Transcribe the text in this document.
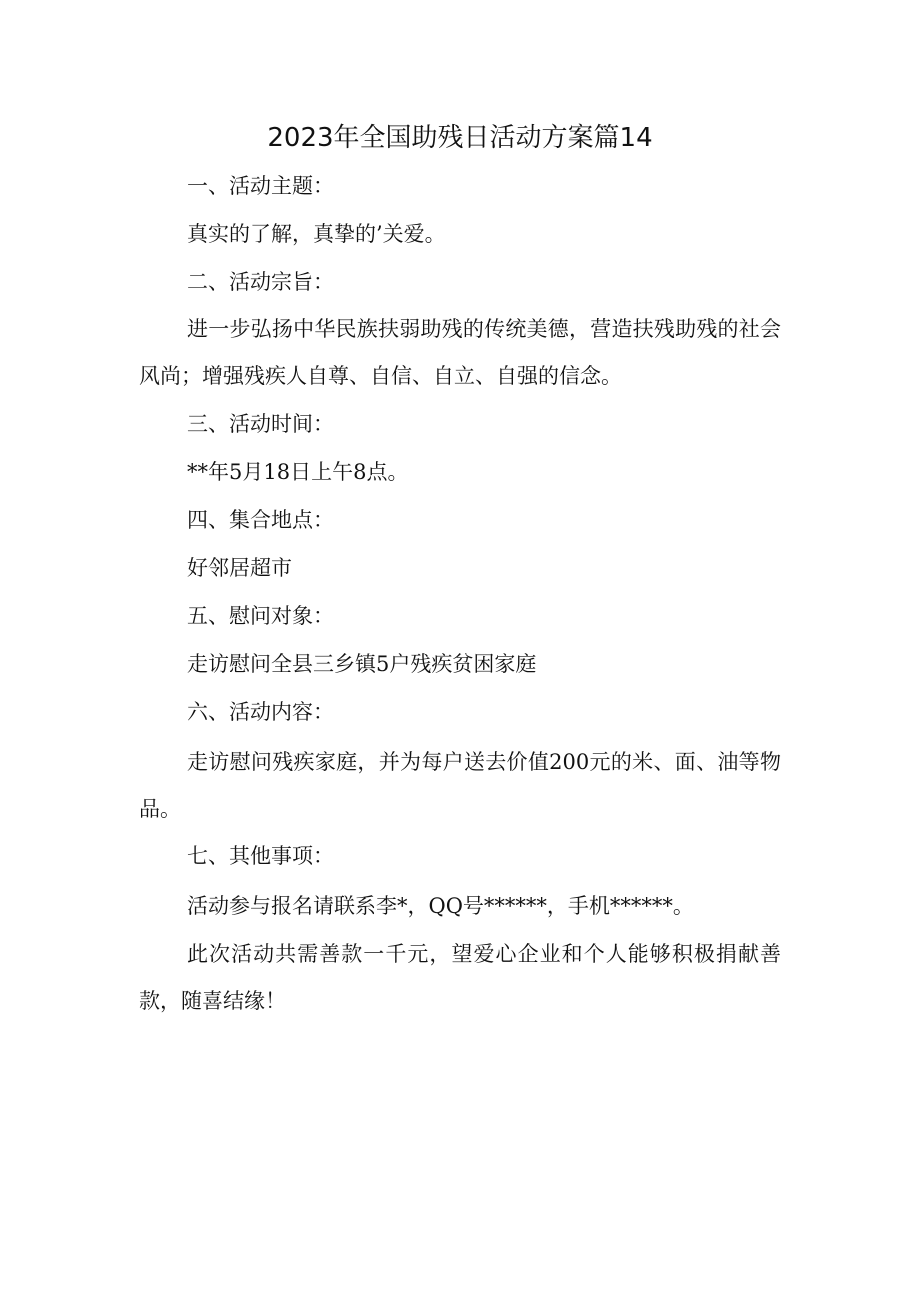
2023年全国助残日活动方案篇14

一、活动主题：

真实的了解，真挚的’关爱。

二、活动宗旨：

进一步弘扬中华民族扶弱助残的传统美德，营造扶残助残的社会风尚；增强残疾人自尊、自信、自立、自强的信念。

三、活动时间：

**年5月18日上午8点。

四、集合地点：

好邻居超市

五、慰问对象：

走访慰问全县三乡镇5户残疾贫困家庭

六、活动内容：

走访慰问残疾家庭，并为每户送去价值200元的米、面、油等物品。

七、其他事项：

活动参与报名请联系李*，QQ号******，手机******。

此次活动共需善款一千元，望爱心企业和个人能够积极捐献善款，随喜结缘！
